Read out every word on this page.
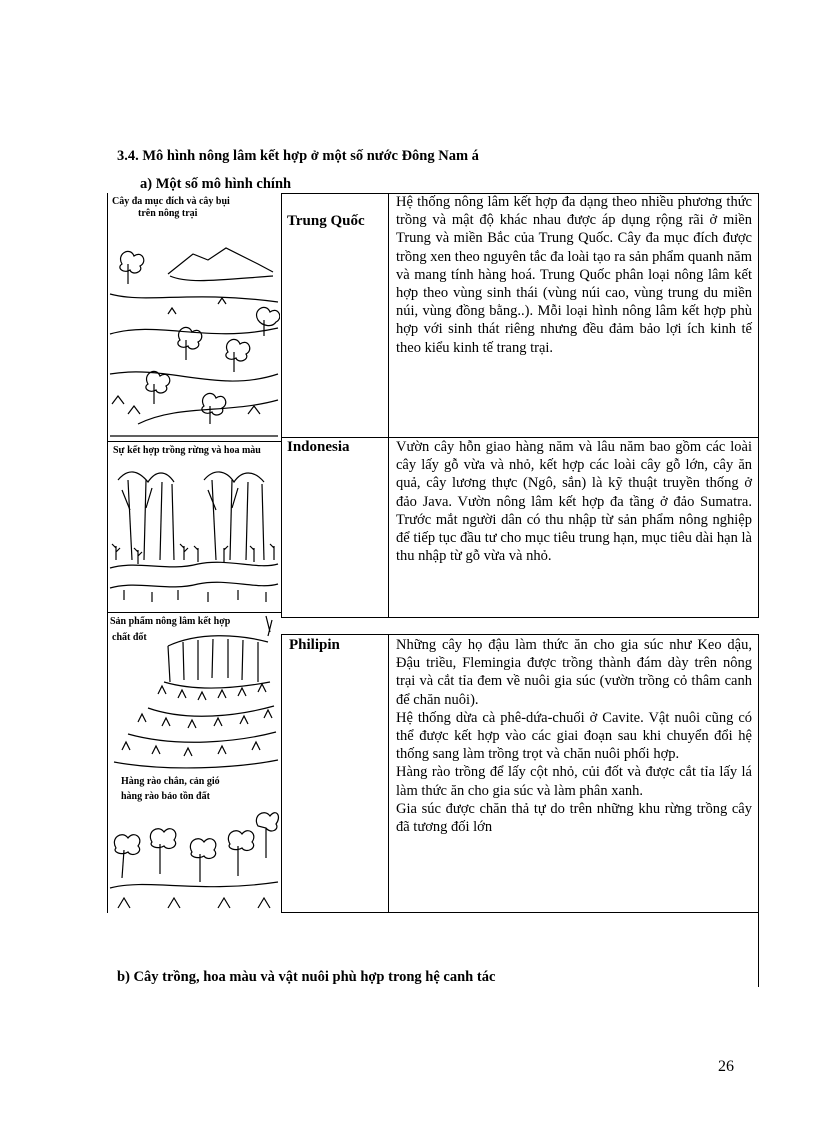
3.4. Mô hình nông lâm kết hợp ở một số nước Đông Nam á
a) Một số mô hình chính
Cây đa mục đích và cây bụi
trên nông trại
Sự kết hợp trồng rừng và hoa màu
Sản phẩm nông lâm kết hợp
chất đốt
Hàng rào chắn, cản gió
hàng rào bảo tồn đất
Trung Quốc

Hệ thống nông lâm kết hợp đa dạng theo nhiều phương thức trồng và mật độ khác nhau được áp dụng rộng rãi ở miền Trung và miền Bắc của Trung Quốc. Cây đa mục đích được trồng xen theo nguyên tắc đa loài tạo ra sản phẩm quanh năm và mang tính hàng hoá. Trung Quốc phân loại nông lâm kết hợp theo vùng sinh thái (vùng núi cao, vùng trung du miền núi, vùng đồng bằng..). Mỗi loại hình nông lâm kết hợp phù hợp với sinh thát riêng nhưng đều đảm bảo lợi ích kinh tế theo kiểu kinh tế trang trại.

Indonesia	Vườn cây hỗn giao hàng năm và lâu năm bao gồm các loài cây lấy gỗ vừa và nhỏ, kết hợp các loài cây gỗ lớn, cây ăn quả, cây lương thực (Ngô, sắn) là kỹ thuật truyền thống ở đảo Java. Vườn nông lâm kết hợp đa tầng ở đảo Sumatra. Trước mắt người dân có thu nhập từ sản phẩm nông nghiệp để tiếp tục đầu tư cho mục tiêu trung hạn, mục tiêu dài hạn là thu nhập từ gỗ vừa và nhỏ.

Philipin	Những cây họ đậu làm thức ăn cho gia súc như Keo dậu, Đậu triều, Flemingia được trồng thành đám dày trên nông trại và cắt tỉa đem về nuôi gia súc (vườn trồng cỏ thâm canh để chăn nuôi).

Hệ thống dừa cà phê-dứa-chuối ở Cavite. Vật nuôi cũng có thể được kết hợp vào các giai đoạn sau khi chuyển đổi hệ thống sang làm trồng trọt và chăn nuôi phối hợp.

Hàng rào trồng để lấy cột nhỏ, củi đốt và được cắt tỉa lấy lá làm thức ăn cho gia súc và làm phân xanh.

Gia súc được chăn thả tự do trên những khu rừng trồng cây đã tương đối lớn

b) Cây trồng, hoa màu và vật nuôi phù hợp trong hệ canh tác
26
